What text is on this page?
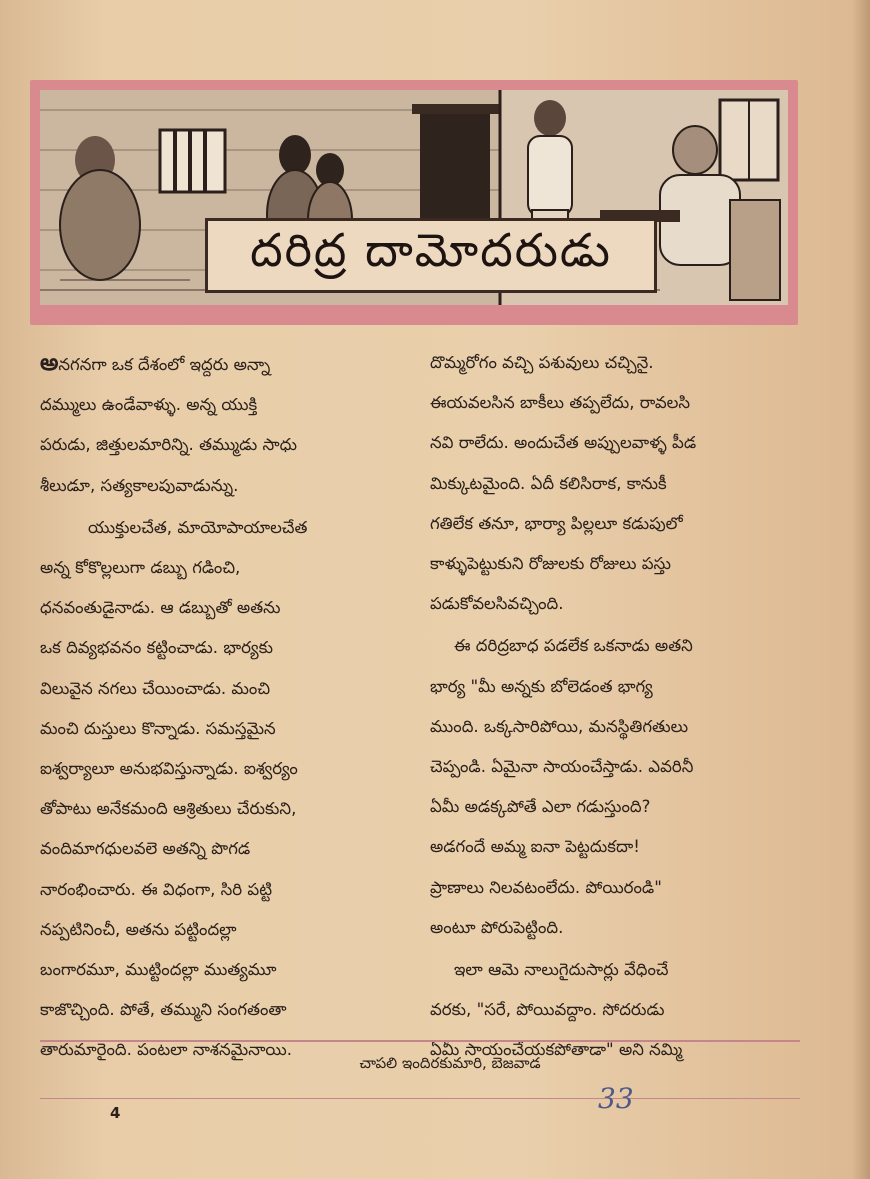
దరిద్ర దామోదరుడు

అనగనగా ఒక దేశంలో ఇద్దరు అన్నా
దమ్ములు ఉండేవాళ్ళు. అన్న యుక్తి
పరుడు, జిత్తులమారిన్ని. తమ్ముడు సాధు
శీలుడూ, సత్యకాలపువాడున్ను.

యుక్తులచేత, మాయోపాయాలచేత
అన్న కోకొల్లలుగా డబ్బు గడించి,
ధనవంతుడైనాడు. ఆ డబ్బుతో అతను
ఒక దివ్యభవనం కట్టించాడు. భార్యకు
విలువైన నగలు చేయించాడు. మంచి
మంచి దుస్తులు కొన్నాడు. సమస్తమైన
ఐశ్వర్యాలూ అనుభవిస్తున్నాడు. ఐశ్వర్యం
తోపాటు అనేకమంది ఆశ్రితులు చేరుకుని,
వందిమాగధులవలె అతన్ని పొగడ
నారంభించారు. ఈ విధంగా, సిరి పట్టి
నప్పటినించీ, అతను పట్టిందల్లా
బంగారమూ, ముట్టిందల్లా ముత్యమూ
కాజొచ్చింది. పోతే, తమ్ముని సంగతంతా
తారుమారైంది. పంటలా నాశనమైనాయి.

దొమ్మరోగం వచ్చి పశువులు చచ్చినై.
ఈయవలసిన బాకీలు తప్పలేదు, రావలసి
నవి రాలేదు. అందుచేత అప్పులవాళ్ళ పీడ
మిక్కుటమైంది. ఏదీ కలిసిరాక, కానుకీ
గతిలేక తనూ, భార్యా పిల్లలూ కడుపులో
కాళ్ళుపెట్టుకుని రోజులకు రోజులు పస్తు
పడుకోవలసివచ్చింది.

ఈ దరిద్రబాధ పడలేక ఒకనాడు అతని
భార్య "మీ అన్నకు బోలెడంత భాగ్య
ముంది. ఒక్కసారిపోయి, మనస్థితిగతులు
చెప్పండి. ఏమైనా సాయంచేస్తాడు. ఎవరినీ
ఏమీ అడక్కపోతే ఎలా గడుస్తుంది?
అడగందే అమ్మ ఐనా పెట్టదుకదా!
ప్రాణాలు నిలవటంలేదు. పోయిరండి"
అంటూ పోరుపెట్టింది.

ఇలా ఆమె నాలుగైదుసార్లు వేధించే
వరకు, "సరే, పోయివద్దాం. సోదరుడు
ఏమీ సాయంచేయకపోతాడా" అని నమ్మి

చాపలి ఇందిరకుమారి, బెజవాడ
4	33
